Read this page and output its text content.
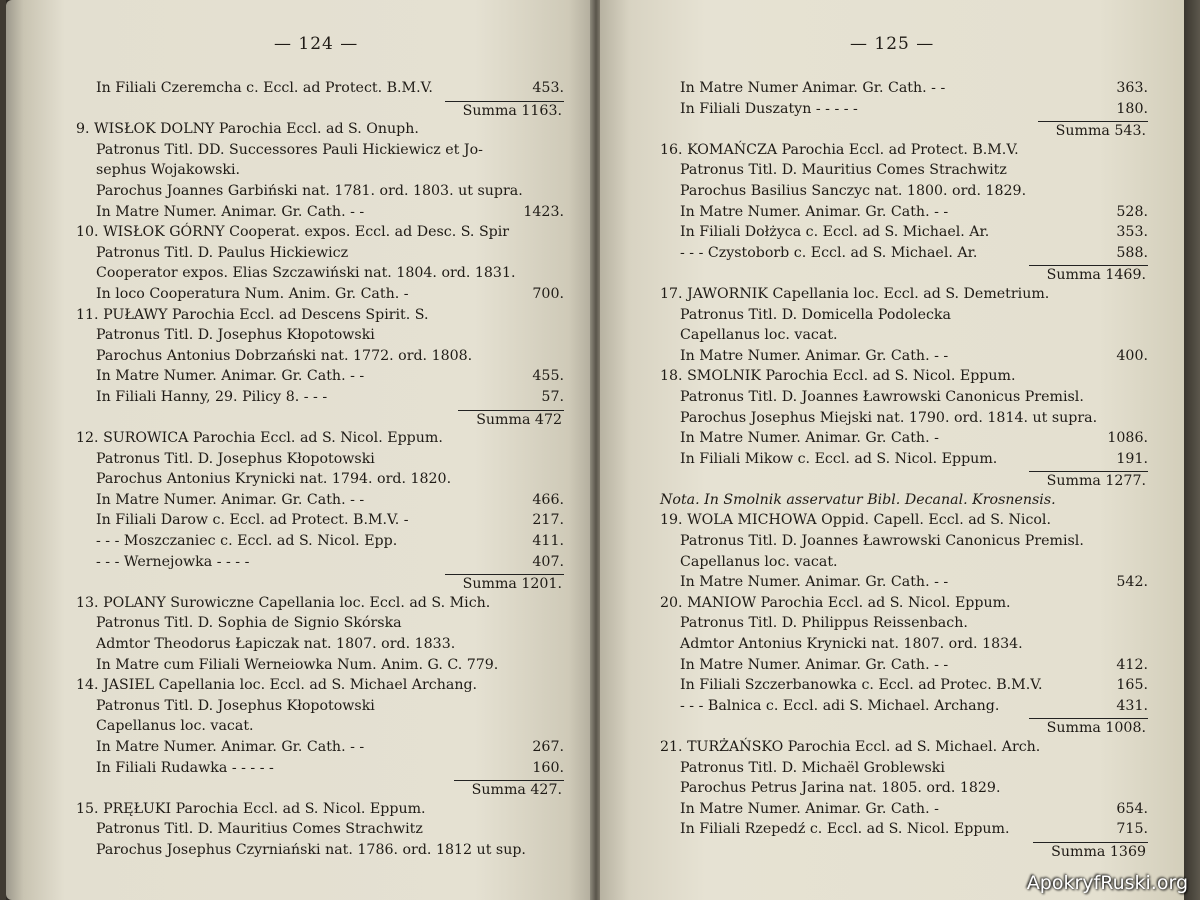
— 124 —
In Filiali Czeremcha c. Eccl. ad Protect. B.M.V.	453.
Summa 1163.
9. WISŁOK DOLNY Parochia Eccl. ad S. Onuph.
Patronus Titl. DD. Successores Pauli Hickiewicz et Jo-
sephus Wojakowski.
Parochus Joannes Garbiński nat. 1781. ord. 1803. ut supra.
In Matre Numer. Animar. Gr. Cath. - -	1423.
10. WISŁOK GÓRNY Cooperat. expos. Eccl. ad Desc. S. Spir
Patronus Titl. D. Paulus Hickiewicz
Cooperator expos. Elias Szczawiński nat. 1804. ord. 1831.
In loco Cooperatura Num. Anim. Gr. Cath. -	700.
11. PUŁAWY Parochia Eccl. ad Descens Spirit. S.
Patronus Titl. D. Josephus Kłopotowski
Parochus Antonius Dobrzański nat. 1772. ord. 1808.
In Matre Numer. Animar. Gr. Cath. - -	455.
In Filiali Hanny, 29. Pilicy 8. - - -	57.
Summa 472
12. SUROWICA Parochia Eccl. ad S. Nicol. Eppum.
Patronus Titl. D. Josephus Kłopotowski
Parochus Antonius Krynicki nat. 1794. ord. 1820.
In Matre Numer. Animar. Gr. Cath. - -	466.
In Filiali Darow c. Eccl. ad Protect. B.M.V. -	217.
- - - Moszczaniec c. Eccl. ad S. Nicol. Epp.	411.
- - - Wernejowka - - - -	407.
Summa 1201.
13. POLANY Surowiczne Capellania loc. Eccl. ad S. Mich.
Patronus Titl. D. Sophia de Signio Skórska
Admtor Theodorus Łapiczak nat. 1807. ord. 1833.
In Matre cum Filiali Werneiowka Num. Anim. G. C. 779.
14. JASIEL Capellania loc. Eccl. ad S. Michael Archang.
Patronus Titl. D. Josephus Kłopotowski
Capellanus loc. vacat.
In Matre Numer. Animar. Gr. Cath. - -	267.
In Filiali Rudawka - - - - -	160.
Summa 427.
15. PRĘŁUKI Parochia Eccl. ad S. Nicol. Eppum.
Patronus Titl. D. Mauritius Comes Strachwitz
Parochus Josephus Czyrniański nat. 1786. ord. 1812 ut sup.
— 125 —
In Matre Numer Animar. Gr. Cath. - -	363.
In Filiali Duszatyn - - - - -	180.
Summa 543.
16. KOMAŃCZA Parochia Eccl. ad Protect. B.M.V.
Patronus Titl. D. Mauritius Comes Strachwitz
Parochus Basilius Sanczyc nat. 1800. ord. 1829.
In Matre Numer. Animar. Gr. Cath. - -	528.
In Filiali Dołżyca c. Eccl. ad S. Michael. Ar.	353.
- - - Czystoborb c. Eccl. ad S. Michael. Ar.	588.
Summa 1469.
17. JAWORNIK Capellania loc. Eccl. ad S. Demetrium.
Patronus Titl. D. Domicella Podolecka
Capellanus loc. vacat.
In Matre Numer. Animar. Gr. Cath. - -	400.
18. SMOLNIK Parochia Eccl. ad S. Nicol. Eppum.
Patronus Titl. D. Joannes Ławrowski Canonicus Premisl.
Parochus Josephus Miejski nat. 1790. ord. 1814. ut supra.
In Matre Numer. Animar. Gr. Cath. -	1086.
In Filiali Mikow c. Eccl. ad S. Nicol. Eppum.	191.
Summa 1277.
Nota. In Smolnik asservatur Bibl. Decanal. Krosnensis.
19. WOLA MICHOWA Oppid. Capell. Eccl. ad S. Nicol.
Patronus Titl. D. Joannes Ławrowski Canonicus Premisl.
Capellanus loc. vacat.
In Matre Numer. Animar. Gr. Cath. - -	542.
20. MANIOW Parochia Eccl. ad S. Nicol. Eppum.
Patronus Titl. D. Philippus Reissenbach.
Admtor Antonius Krynicki nat. 1807. ord. 1834.
In Matre Numer. Animar. Gr. Cath. - -	412.
In Filiali Szczerbanowka c. Eccl. ad Protec. B.M.V.	165.
- - - Balnica c. Eccl. adi S. Michael. Archang.	431.
Summa 1008.
21. TURŻAŃSKO Parochia Eccl. ad S. Michael. Arch.
Patronus Titl. D. Michaël Groblewski
Parochus Petrus Jarina nat. 1805. ord. 1829.
In Matre Numer. Animar. Gr. Cath. -	654.
In Filiali Rzepedź c. Eccl. ad S. Nicol. Eppum.	715.
Summa 1369
ApokryfRuski.org
